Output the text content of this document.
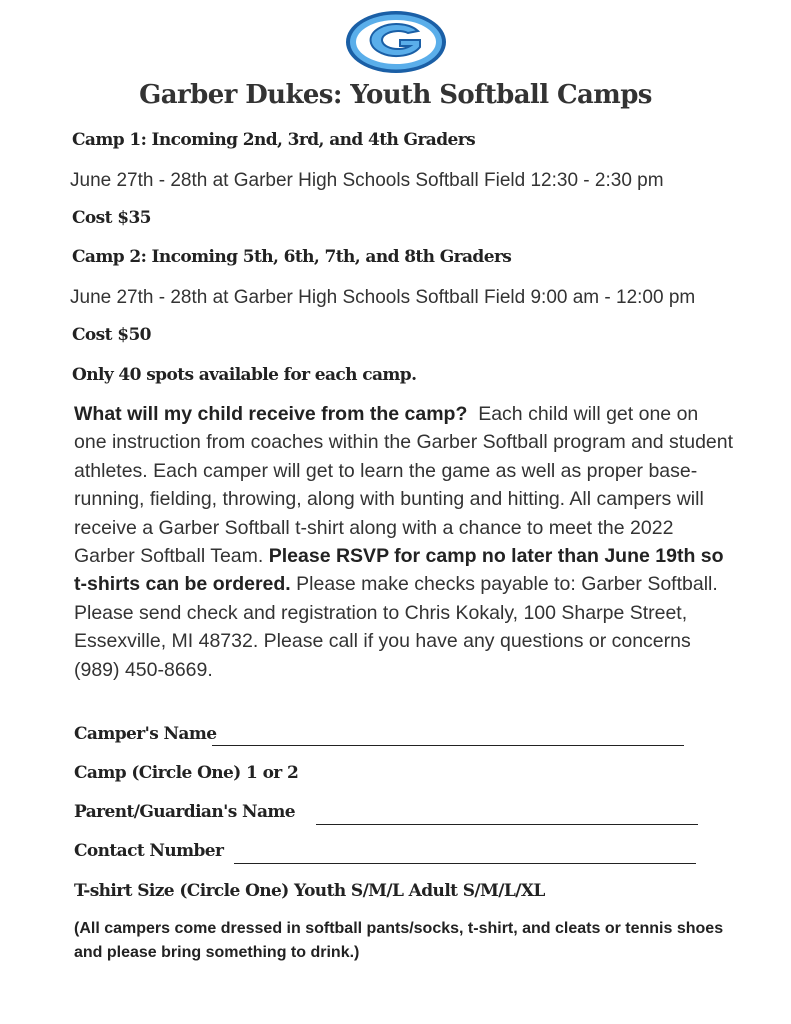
Garber Dukes: Youth Softball Camps
Camp 1: Incoming 2nd, 3rd, and 4th Graders
June 27th - 28th at Garber High Schools Softball Field 12:30 - 2:30 pm
Cost $35
Camp 2: Incoming 5th, 6th, 7th, and 8th Graders
June 27th - 28th at Garber High Schools Softball Field 9:00 am - 12:00 pm
Cost $50
Only 40 spots available for each camp.
What will my child receive from the camp? Each child will get one on one instruction from coaches within the Garber Softball program and student athletes. Each camper will get to learn the game as well as proper base-running, fielding, throwing, along with bunting and hitting. All campers will receive a Garber Softball t-shirt along with a chance to meet the 2022 Garber Softball Team. Please RSVP for camp no later than June 19th so t-shirts can be ordered. Please make checks payable to: Garber Softball. Please send check and registration to Chris Kokaly, 100 Sharpe Street, Essexville, MI 48732. Please call if you have any questions or concerns (989) 450-8669.
Camper's Name
Camp (Circle One) 1 or 2
Parent/Guardian's Name
Contact Number
T-shirt Size (Circle One) Youth S/M/L Adult S/M/L/XL
(All campers come dressed in softball pants/socks, t-shirt, and cleats or tennis shoes and please bring something to drink.)
